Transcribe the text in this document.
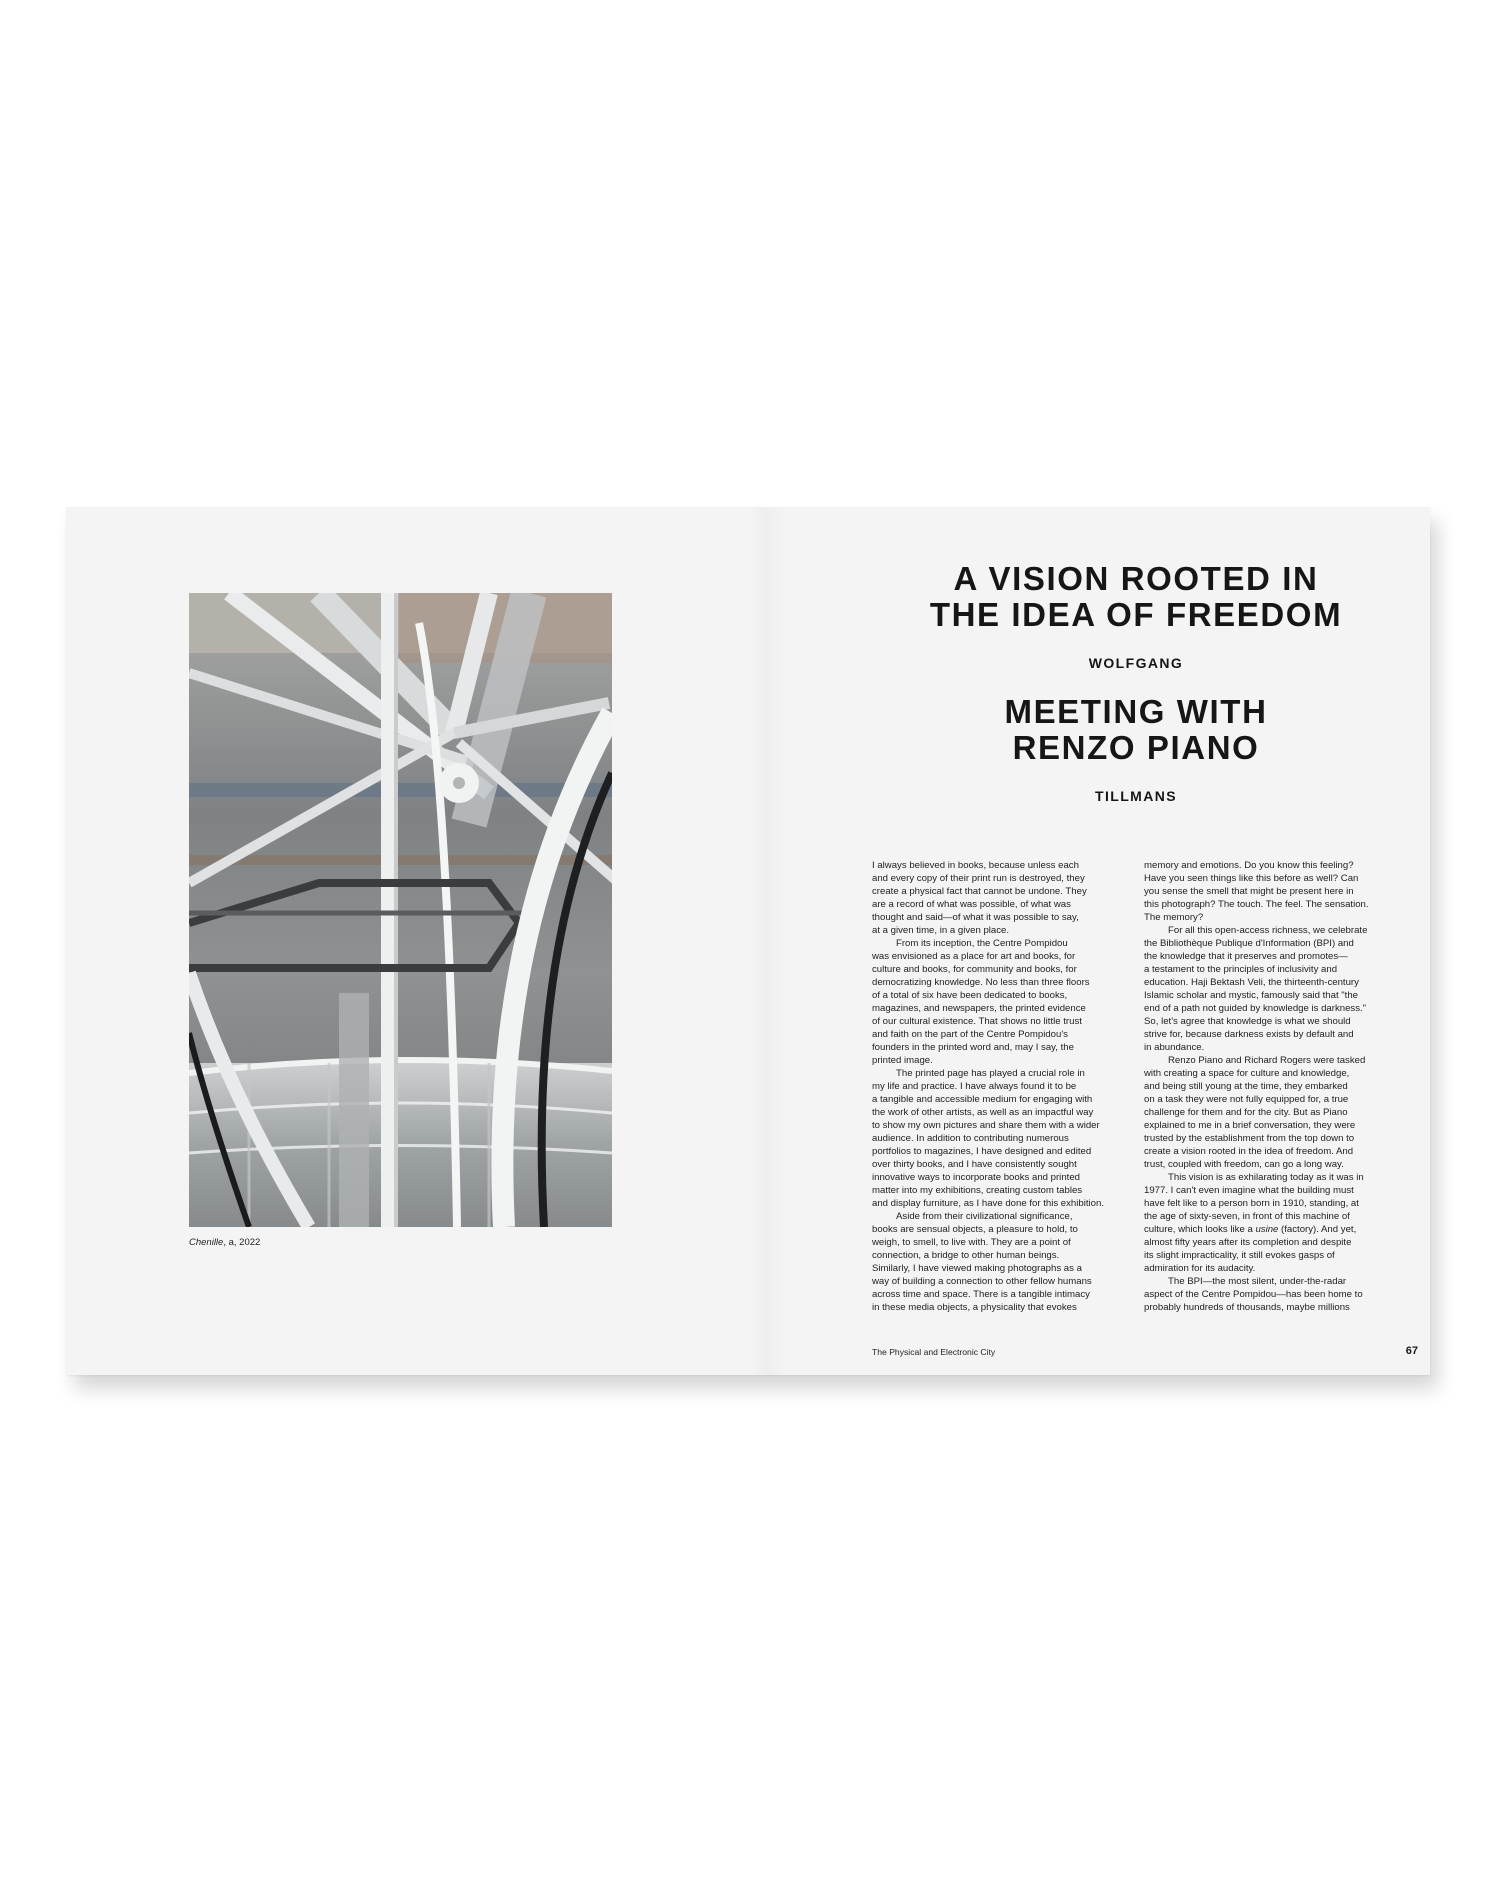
Chenille, a, 2022
A VISION ROOTED IN
THE IDEA OF FREEDOM
WOLFGANG
MEETING WITH
RENZO PIANO
TILLMANS
I always believed in books, because unless each
and every copy of their print run is destroyed, they
create a physical fact that cannot be undone. They
are a record of what was possible, of what was
thought and said—of what it was possible to say,
at a given time, in a given place.
From its inception, the Centre Pompidou
was envisioned as a place for art and books, for
culture and books, for community and books, for
democratizing knowledge. No less than three floors
of a total of six have been dedicated to books,
magazines, and newspapers, the printed evidence
of our cultural existence. That shows no little trust
and faith on the part of the Centre Pompidou's
founders in the printed word and, may I say, the
printed image.
The printed page has played a crucial role in
my life and practice. I have always found it to be
a tangible and accessible medium for engaging with
the work of other artists, as well as an impactful way
to show my own pictures and share them with a wider
audience. In addition to contributing numerous
portfolios to magazines, I have designed and edited
over thirty books, and I have consistently sought
innovative ways to incorporate books and printed
matter into my exhibitions, creating custom tables
and display furniture, as I have done for this exhibition.
Aside from their civilizational significance,
books are sensual objects, a pleasure to hold, to
weigh, to smell, to live with. They are a point of
connection, a bridge to other human beings.
Similarly, I have viewed making photographs as a
way of building a connection to other fellow humans
across time and space. There is a tangible intimacy
in these media objects, a physicality that evokes
memory and emotions. Do you know this feeling?
Have you seen things like this before as well? Can
you sense the smell that might be present here in
this photograph? The touch. The feel. The sensation.
The memory?
For all this open-access richness, we celebrate
the Bibliothèque Publique d'Information (BPI) and
the knowledge that it preserves and promotes—
a testament to the principles of inclusivity and
education. Haji Bektash Veli, the thirteenth-century
Islamic scholar and mystic, famously said that "the
end of a path not guided by knowledge is darkness."
So, let's agree that knowledge is what we should
strive for, because darkness exists by default and
in abundance.
Renzo Piano and Richard Rogers were tasked
with creating a space for culture and knowledge,
and being still young at the time, they embarked
on a task they were not fully equipped for, a true
challenge for them and for the city. But as Piano
explained to me in a brief conversation, they were
trusted by the establishment from the top down to
create a vision rooted in the idea of freedom. And
trust, coupled with freedom, can go a long way.
This vision is as exhilarating today as it was in
1977. I can't even imagine what the building must
have felt like to a person born in 1910, standing, at
the age of sixty-seven, in front of this machine of
culture, which looks like a usine (factory). And yet,
almost fifty years after its completion and despite
its slight impracticality, it still evokes gasps of
admiration for its audacity.
The BPI—the most silent, under-the-radar
aspect of the Centre Pompidou—has been home to
probably hundreds of thousands, maybe millions
The Physical and Electronic City	67
